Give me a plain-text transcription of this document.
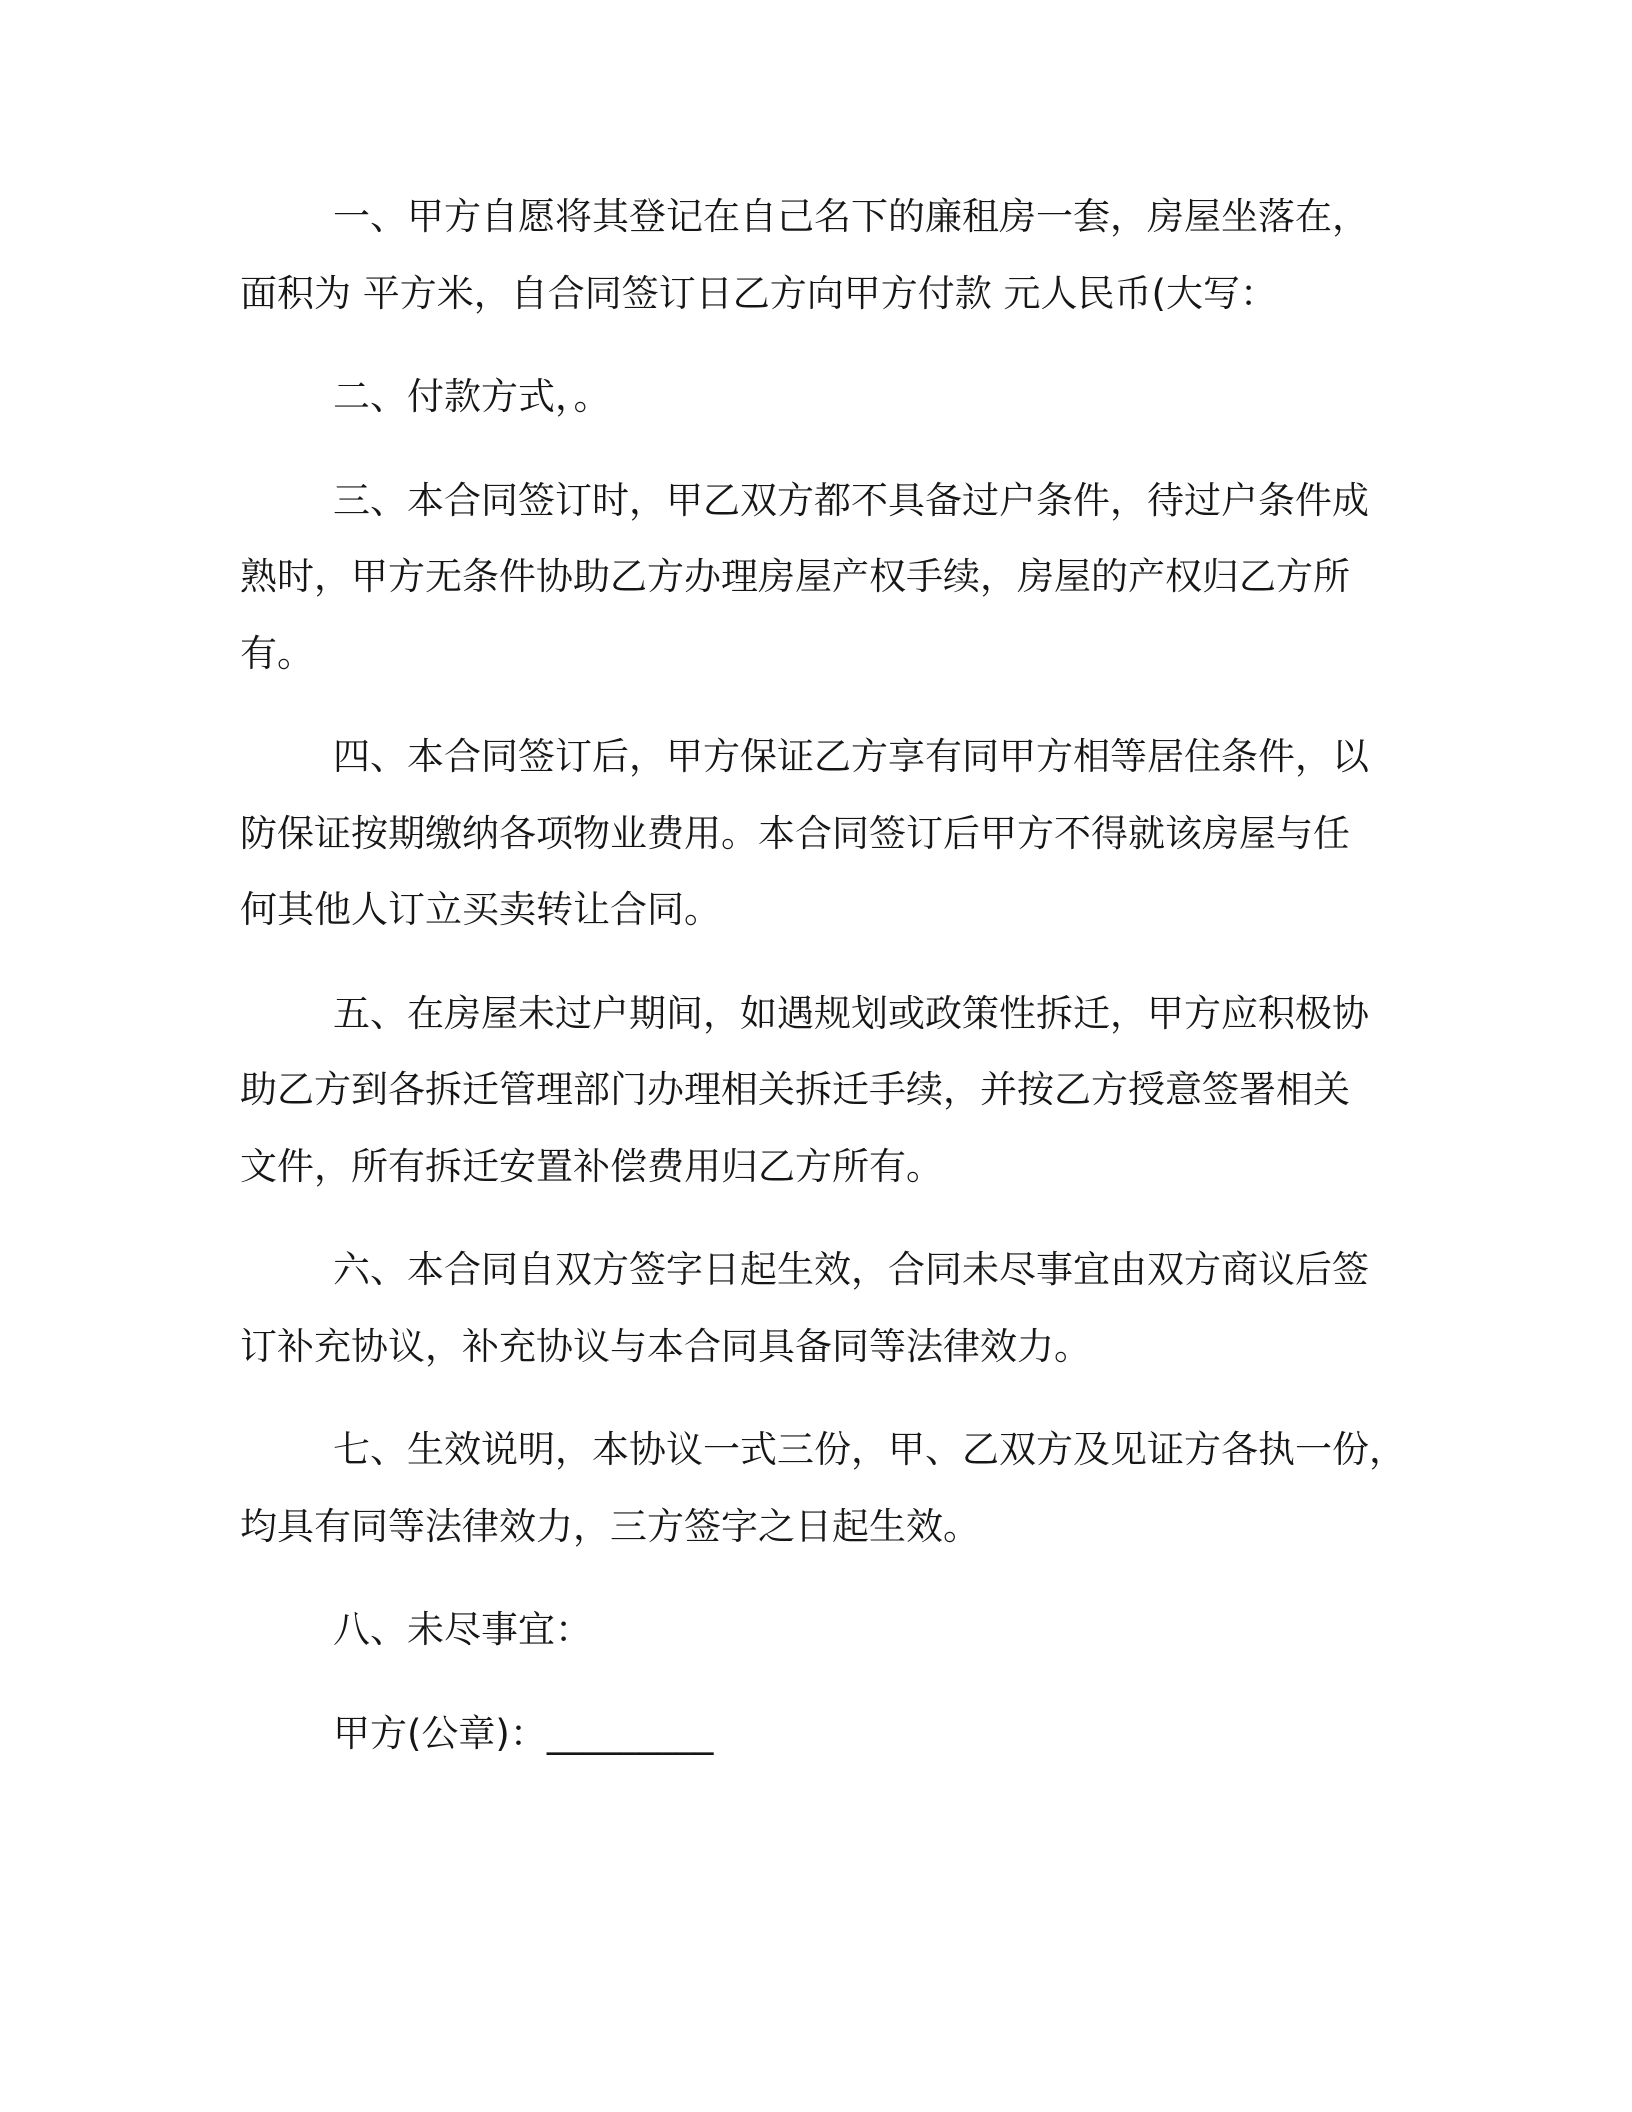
一、甲方自愿将其登记在自己名下的廉租房一套，房屋坐落在，
面积为 平方米，自合同签订日乙方向甲方付款 元人民币(大写：
二、付款方式，。
三、本合同签订时，甲乙双方都不具备过户条件，待过户条件成
熟时，甲方无条件协助乙方办理房屋产权手续，房屋的产权归乙方所
有。
四、本合同签订后，甲方保证乙方享有同甲方相等居住条件，以
防保证按期缴纳各项物业费用。本合同签订后甲方不得就该房屋与任
何其他人订立买卖转让合同。
五、在房屋未过户期间，如遇规划或政策性拆迁，甲方应积极协
助乙方到各拆迁管理部门办理相关拆迁手续，并按乙方授意签署相关
文件，所有拆迁安置补偿费用归乙方所有。
六、本合同自双方签字日起生效，合同未尽事宜由双方商议后签
订补充协议，补充协议与本合同具备同等法律效力。
七、生效说明，本协议一式三份，甲、乙双方及见证方各执一份，
均具有同等法律效力，三方签字之日起生效。
八、未尽事宜：
甲方(公章)：_________
